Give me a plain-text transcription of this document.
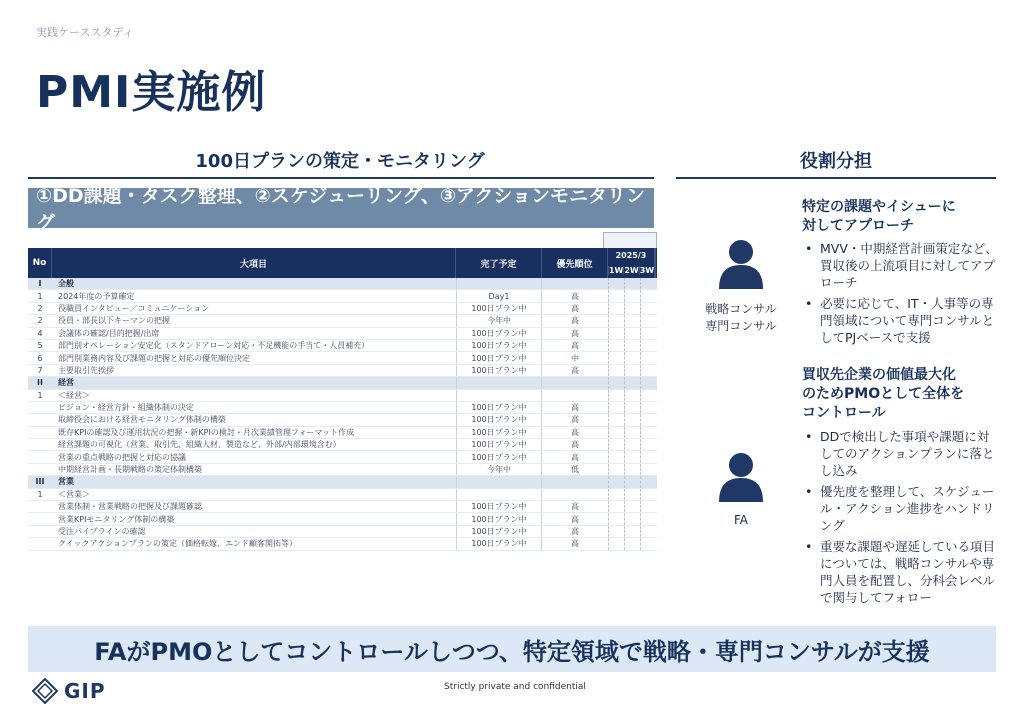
実践ケーススタディ
PMI実施例
100日プランの策定・モニタリング	役割分担
①DD課題・タスク整理、②スケジューリング、③アクションモニタリング
No	大項目	完了予定	優先順位
2025/3
1W 2W 3W
I	全般
1	2024年度の予算確定	Day1	高
2	役職員インタビュー／コミュニケーション	100日プラン中	高
2	役員・部長以下キーマンの把握	今年中	高
4	会議体の確認/目的把握/出席	100日プラン中	高
5	部門別オペレーション安定化（スタンドアローン対応・不足機能の手当て・人員補充）	100日プラン中	高
6	部門別業務内容及び課題の把握と対応の優先順位決定	100日プラン中	中
7	主要取引先挨拶	100日プラン中	高
II	経営
1	＜経営＞
ビジョン・経営方針・組織体制の決定	100日プラン中	高
取締役会における経営モニタリング体制の構築	100日プラン中	高
既存KPIの確認及び運用状況の把握・新KPIの検討・月次業績管理フォーマット作成	100日プラン中	高
経営課題の可視化（営業、取引先、組織人材、製造など、外部/内部環境含む）	100日プラン中	高
営業の重点戦略の把握と対応の協議	100日プラン中	高
中期経営計画・長期戦略の策定体制構築	今年中	低
III	営業
1	＜営業＞
営業体制・営業戦略の把握及び課題確認	100日プラン中	高
営業KPIモニタリング体制の構築	100日プラン中	高
受注パイプラインの確認	100日プラン中	高
クイックアクションプランの策定（価格転嫁、エンド顧客開拓等）	100日プラン中	高
戦略コンサル
専門コンサル
特定の課題やイシューに
対してアプローチ
• MVV・中期経営計画策定など、買収後の上流項目に対してアプローチ
• 必要に応じて、IT・人事等の専門領域について専門コンサルとしてPJベースで支援
FA
買収先企業の価値最大化
のためPMOとして全体を
コントロール
• DDで検出した事項や課題に対してのアクションプランに落とし込み
• 優先度を整理して、スケジュール・アクション進捗をハンドリング
• 重要な課題や遅延している項目については、戦略コンサルや専門人員を配置し、分科会レベルで関与してフォロー
FAがPMOとしてコントロールしつつ、特定領域で戦略・専門コンサルが支援
GIP	Strictly private and confidential
